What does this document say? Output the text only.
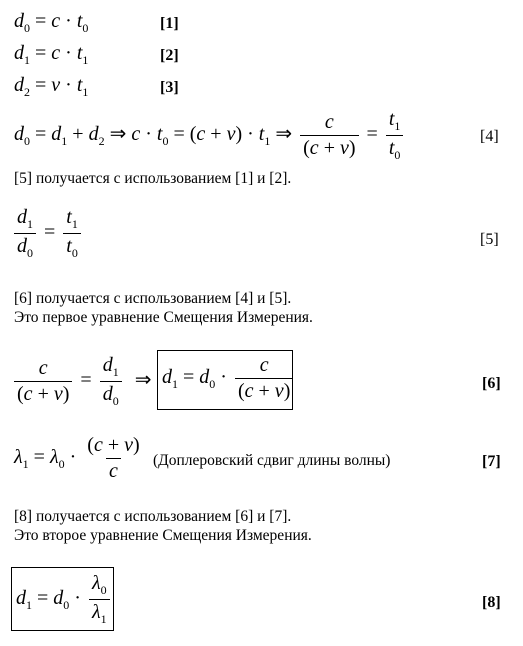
$d_0 = c \cdot t_0$	[1]
$d_1 = c \cdot t_1$	[2]
$d_2 = v \cdot t_1$	[3]
$d_0 = d_1 + d_2$ ⇒ $c \cdot t_0 = (c + v) \cdot t_1$ ⇒ $\frac{c}{(c + v)} = \frac{t_1}{t_0}$	[4]
[5] получается с использованием [1] и [2].
$\frac{d_1}{d_0} = \frac{t_1}{t_0}$	[5]
[6] получается с использованием [4] и [5].
Это первое уравнение Смещения Измерения.
$\frac{c}{(c + v)} = \frac{d_1}{d_0}$ ⇒ $d_1 = d_0 \cdot \frac{c}{(c + v)}$	[6]
$\lambda_1 = \lambda_0 \cdot \frac{(c + v)}{c}$ (Доплеровский сдвиг длины волны)	[7]
[8] получается с использованием [6] и [7].
Это второе уравнение Смещения Измерения.
$d_1 = d_0 \cdot \frac{\lambda_0}{\lambda_1}$	[8]
